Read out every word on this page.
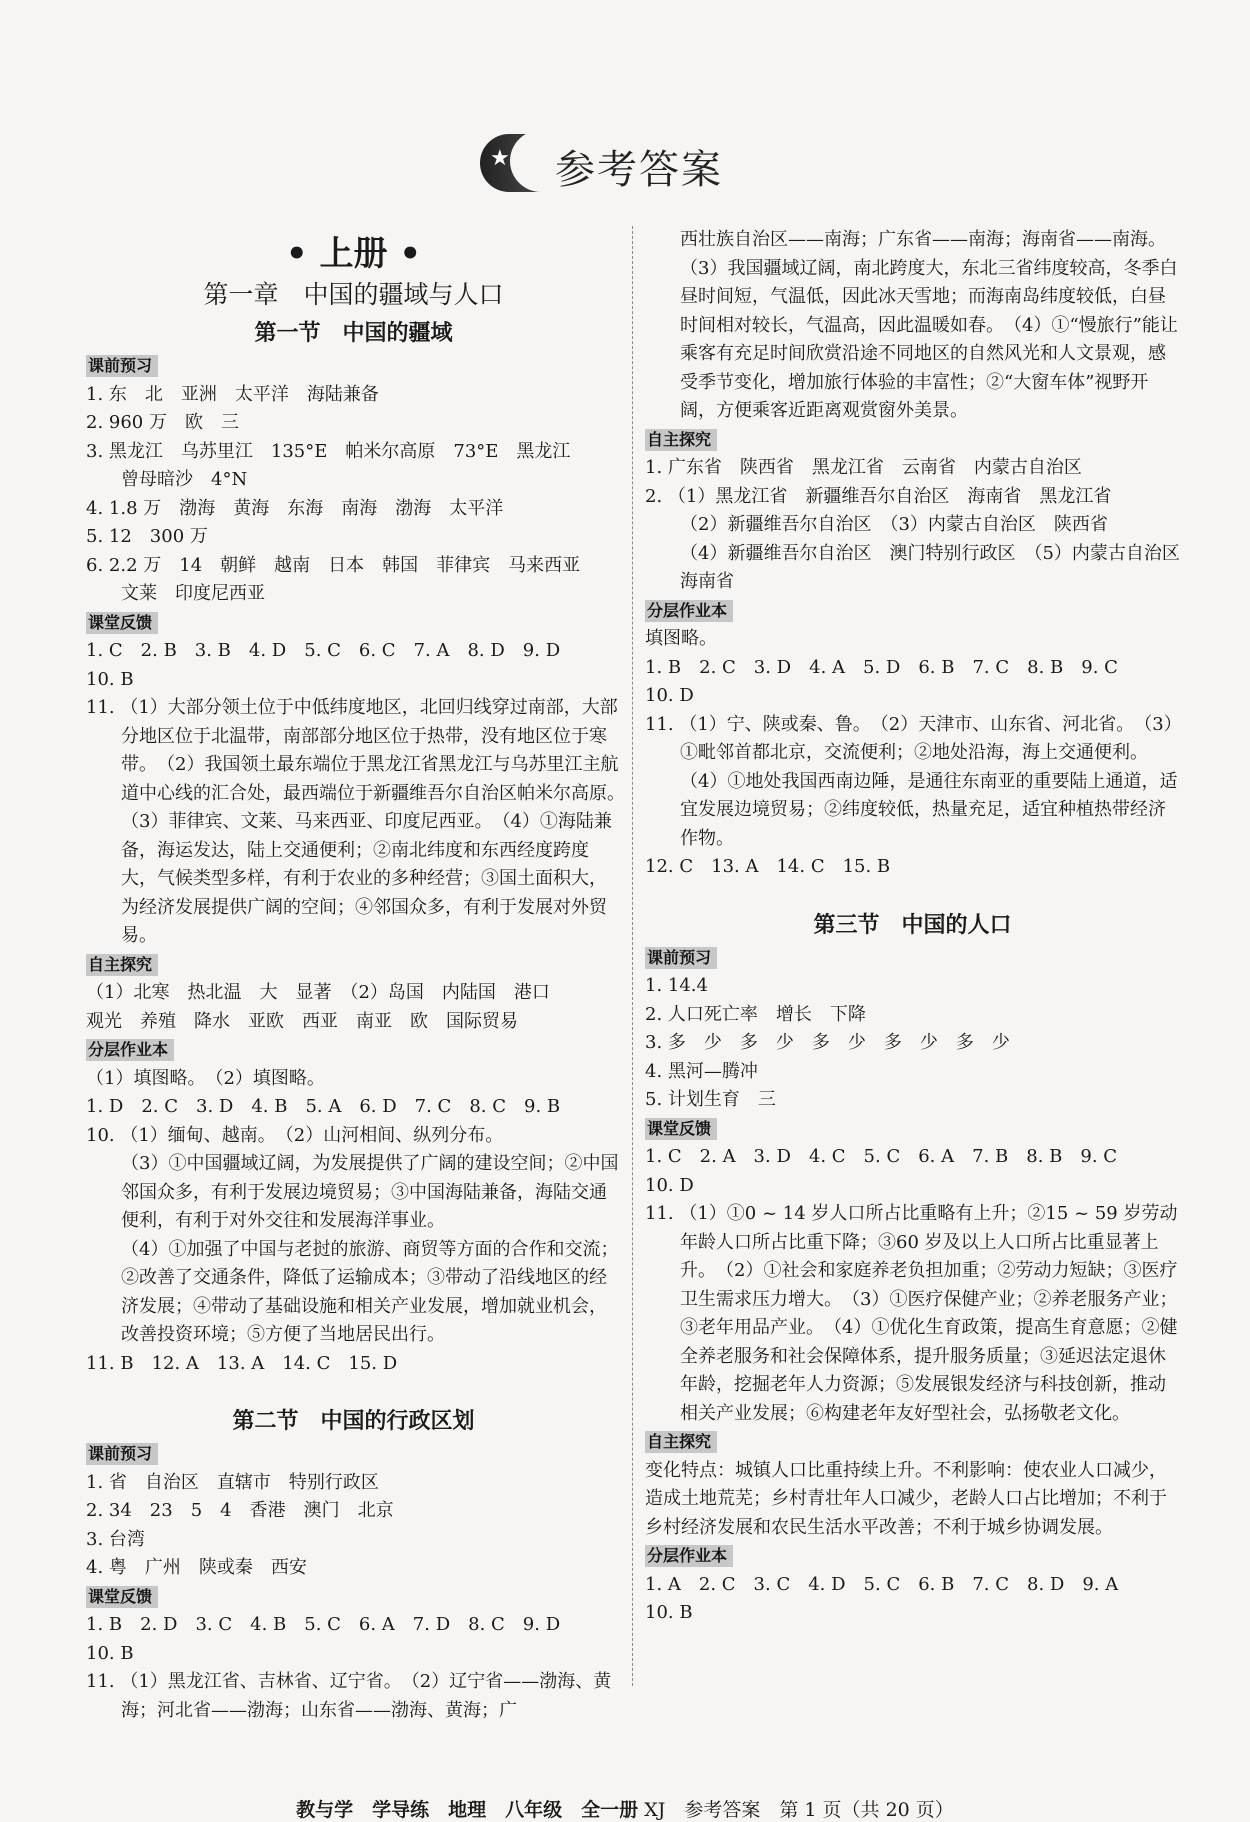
★ 参考答案
• 上册 •
第一章　中国的疆域与人口
第一节　中国的疆域
课前预习
1. 东　北　亚洲　太平洋　海陆兼备
2. 960 万　欧　三
3. 黑龙江　乌苏里江　135°E　帕米尔高原　73°E　黑龙江
曾母暗沙　4°N
4. 1.8 万　渤海　黄海　东海　南海　渤海　太平洋
5. 12　300 万
6. 2.2 万　14　朝鲜　越南　日本　韩国　菲律宾　马来西亚
文莱　印度尼西亚
课堂反馈
1. C　2. B　3. B　4. D　5. C　6. C　7. A　8. D　9. D
10. B
11. （1）大部分领土位于中低纬度地区，北回归线穿过南部，大部分地区位于北温带，南部部分地区位于热带，没有地区位于寒带。　（2）我国领土最东端位于黑龙江省黑龙江与乌苏里江主航道中心线的汇合处，最西端位于新疆维吾尔自治区帕米尔高原。　（3）菲律宾、文莱、马来西亚、印度尼西亚。　（4）①海陆兼备，海运发达，陆上交通便利；②南北纬度和东西经度跨度大，气候类型多样，有利于农业的多种经营；③国土面积大，为经济发展提供广阔的空间；④邻国众多，有利于发展对外贸易。
自主探究
（1）北寒　热北温　大　显著　（2）岛国　内陆国　港口
观光　养殖　降水　亚欧　西亚　南亚　欧　国际贸易
分层作业本
（1）填图略。　（2）填图略。
1. D　2. C　3. D　4. B　5. A　6. D　7. C　8. C　9. B
10. （1）缅甸、越南。　（2）山河相间、纵列分布。
（3）①中国疆域辽阔，为发展提供了广阔的建设空间；②中国邻国众多，有利于发展边境贸易；③中国海陆兼备，海陆交通便利，有利于对外交往和发展海洋事业。
（4）①加强了中国与老挝的旅游、商贸等方面的合作和交流；②改善了交通条件，降低了运输成本；③带动了沿线地区的经济发展；④带动了基础设施和相关产业发展，增加就业机会，改善投资环境；⑤方便了当地居民出行。
11. B　12. A　13. A　14. C　15. D
第二节　中国的行政区划
课前预习
1. 省　自治区　直辖市　特别行政区
2. 34　23　5　4　香港　澳门　北京
3. 台湾
4. 粤　广州　陕或秦　西安
课堂反馈
1. B　2. D　3. C　4. B　5. C　6. A　7. D　8. C　9. D
10. B
11. （1）黑龙江省、吉林省、辽宁省。　（2）辽宁省——渤海、黄海；河北省——渤海；山东省——渤海、黄海；广
西壮族自治区——南海；广东省——南海；海南省——南海。　（3）我国疆域辽阔，南北跨度大，东北三省纬度较高，冬季白昼时间短，气温低，因此冰天雪地；而海南岛纬度较低，白昼时间相对较长，气温高，因此温暖如春。　（4）①“慢旅行”能让乘客有充足时间欣赏沿途不同地区的自然风光和人文景观，感受季节变化，增加旅行体验的丰富性；②“大窗车体”视野开阔，方便乘客近距离观赏窗外美景。
自主探究
1. 广东省　陕西省　黑龙江省　云南省　内蒙古自治区
2. （1）黑龙江省　新疆维吾尔自治区　海南省　黑龙江省
（2）新疆维吾尔自治区　（3）内蒙古自治区　陕西省
（4）新疆维吾尔自治区　澳门特别行政区　（5）内蒙古自治区　海南省
分层作业本
填图略。
1. B　2. C　3. D　4. A　5. D　6. B　7. C　8. B　9. C
10. D
11. （1）宁、陕或秦、鲁。　（2）天津市、山东省、河北省。　（3）①毗邻首都北京，交流便利；②地处沿海，海上交通便利。　（4）①地处我国西南边陲，是通往东南亚的重要陆上通道，适宜发展边境贸易；②纬度较低，热量充足，适宜种植热带经济作物。
12. C　13. A　14. C　15. B
第三节　中国的人口
课前预习
1. 14.4
2. 人口死亡率　增长　下降
3. 多　少　多　少　多　少　多　少　多　少
4. 黑河—腾冲
5. 计划生育　三
课堂反馈
1. C　2. A　3. D　4. C　5. C　6. A　7. B　8. B　9. C
10. D
11. （1）①0 ~ 14 岁人口所占比重略有上升；②15 ~ 59 岁劳动年龄人口所占比重下降；③60 岁及以上人口所占比重显著上升。　（2）①社会和家庭养老负担加重；②劳动力短缺；③医疗卫生需求压力增大。　（3）①医疗保健产业；②养老服务产业；③老年用品产业。　（4）①优化生育政策，提高生育意愿；②健全养老服务和社会保障体系，提升服务质量；③延迟法定退休年龄，挖掘老年人力资源；⑤发展银发经济与科技创新，推动相关产业发展；⑥构建老年友好型社会，弘扬敬老文化。
自主探究
变化特点：城镇人口比重持续上升。不利影响：使农业人口减少，造成土地荒芜；乡村青壮年人口减少，老龄人口占比增加；不利于乡村经济发展和农民生活水平改善；不利于城乡协调发展。
分层作业本
1. A　2. C　3. C　4. D　5. C　6. B　7. C　8. D　9. A
10. B
教与学　学导练　地理　八年级　全一册 XJ　参考答案　第 1 页（共 20 页）
